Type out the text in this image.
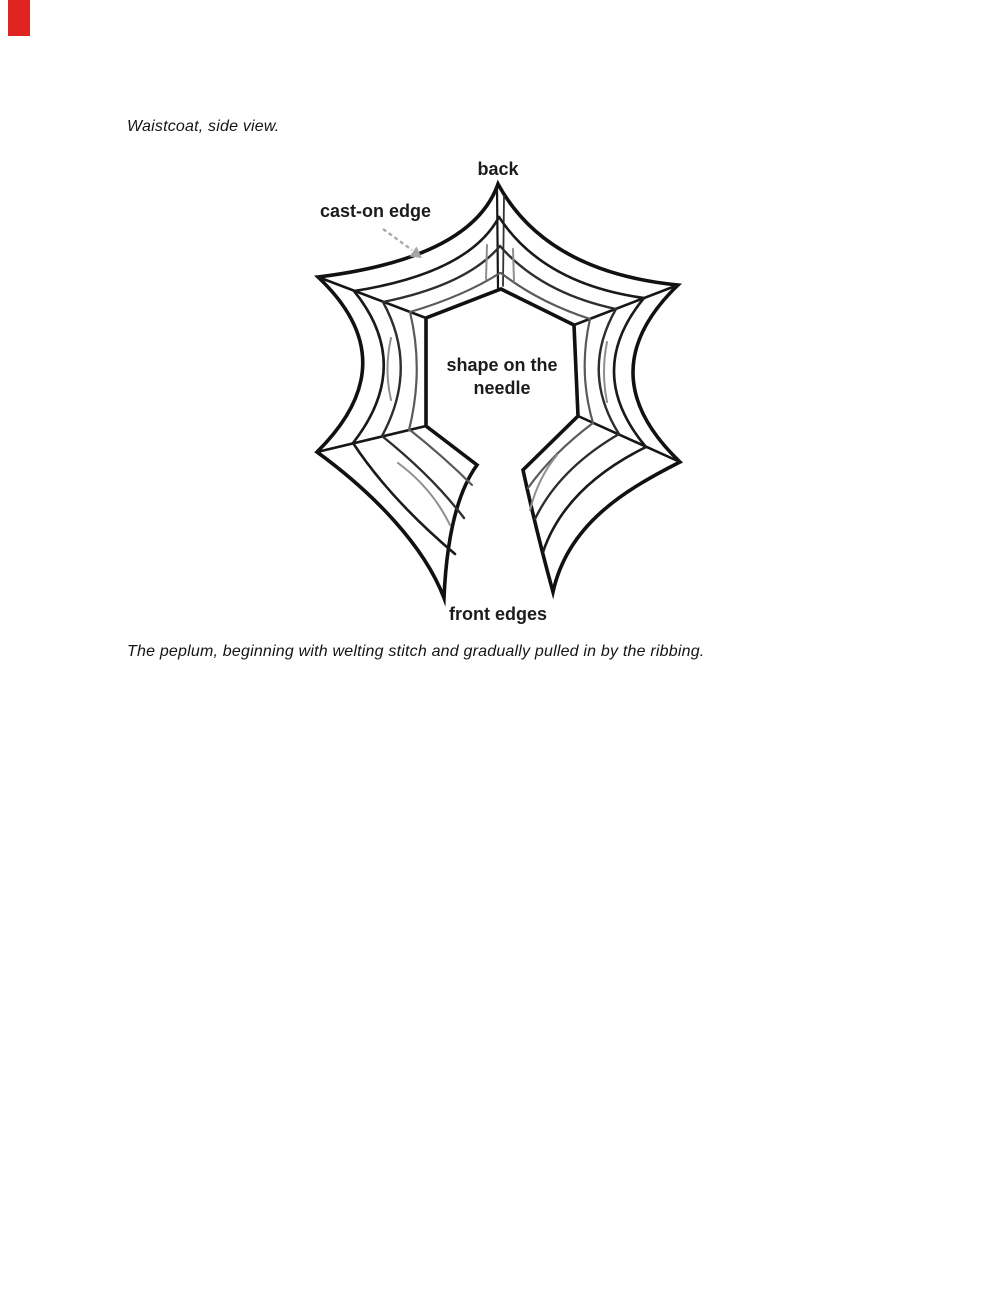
Waistcoat, side view.
back
cast-on edge
shape on the
needle
front edges
The peplum, beginning with welting stitch and gradually pulled in by the ribbing.
